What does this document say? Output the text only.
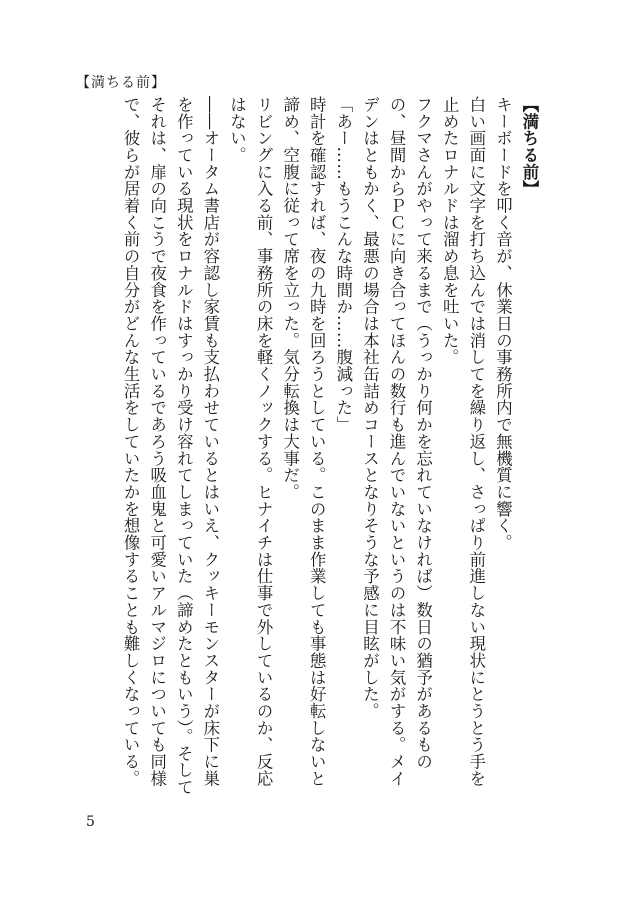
【満ちる前】

【満ちる前】

キーボードを叩く音が、休業日の事務所内で無機質に響く。

白い画面に文字を打ち込んでは消してを繰り返し、さっぱり前進しない現状にとうとう手を止めたロナルドは溜め息を吐いた。

フクマさんがやって来るまで（うっかり何かを忘れていなければ）数日の猶予があるものの、昼間からＰＣに向き合ってほんの数行も進んでいないというのは不味い気がする。メイデンはともかく、最悪の場合は本社缶詰めコースとなりそうな予感に目眩がした。

「あー……もうこんな時間か……腹減った」

時計を確認すれば、夜の九時を回ろうとしている。このまま作業しても事態は好転しないと諦め、空腹に従って席を立った。気分転換は大事だ。

リビングに入る前、事務所の床を軽くノックする。ヒナイチは仕事で外しているのか、反応はない。

――オータム書店が容認し家賃も支払わせているとはいえ、クッキーモンスターが床下に巣を作っている現状をロナルドはすっかり受け容れてしまっていた（諦めたともいう）。そしてそれは、扉の向こうで夜食を作っているであろう吸血鬼と可愛いアルマジロについても同様で、彼らが居着く前の自分がどんな生活をしていたかを想像することも難しくなっている。

5
